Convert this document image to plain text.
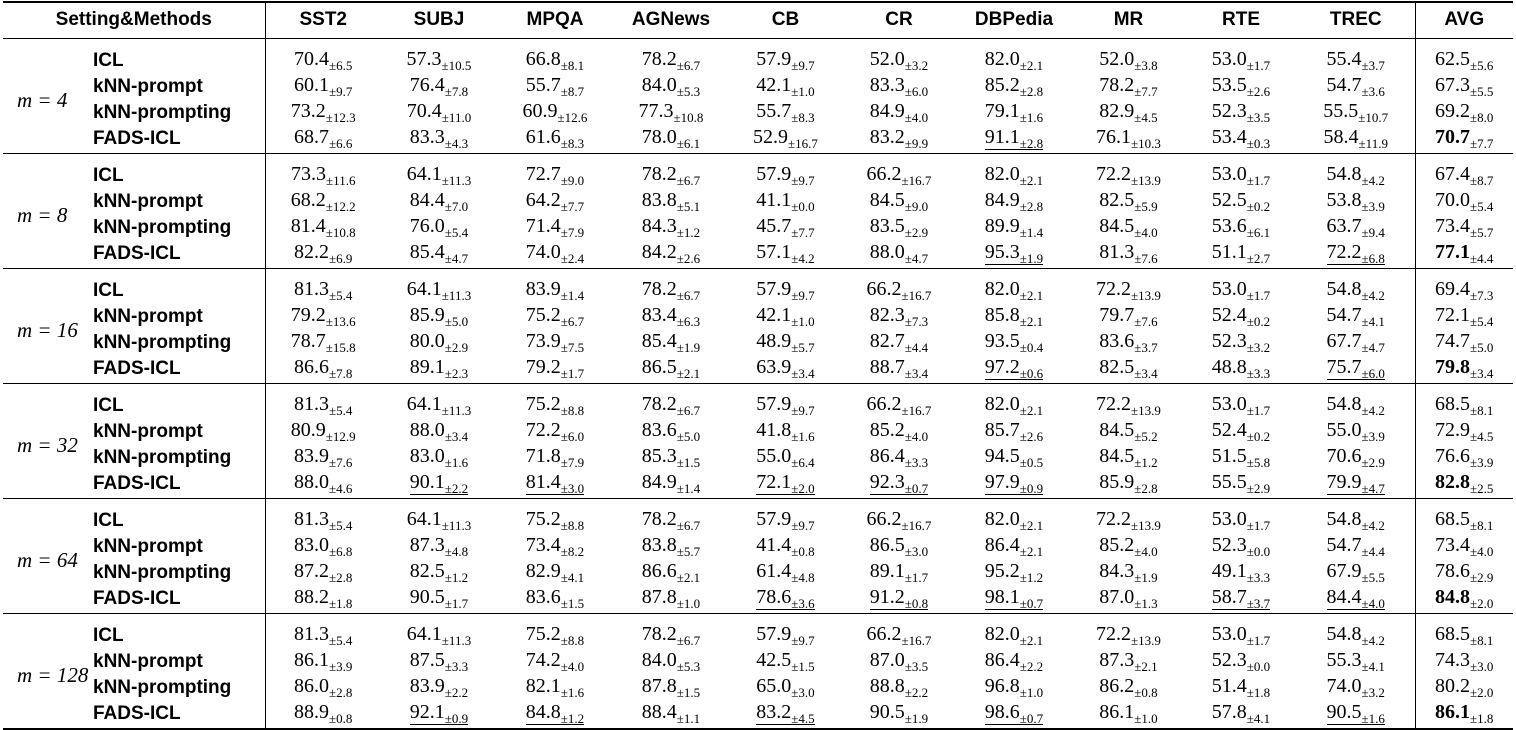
Setting&Methods		SST2	SUBJ	MPQA	AGNews	CB	CR	DBPedia	MR	RTE	TREC	AVG
m = 4	ICL	$70.4_{\pm 6.5}$	$57.3_{\pm 10.5}$	$66.8_{\pm 8.1}$	$78.2_{\pm 6.7}$	$57.9_{\pm 9.7}$	$52.0_{\pm 3.2}$	$82.0_{\pm 2.1}$	$52.0_{\pm 3.8}$	$53.0_{\pm 1.7}$	$55.4_{\pm 3.7}$	$62.5_{\pm 5.6}$
	kNN-prompt	$60.1_{\pm 9.7}$	$76.4_{\pm 7.8}$	$55.7_{\pm 8.7}$	$84.0_{\pm 5.3}$	$42.1_{\pm 1.0}$	$83.3_{\pm 6.0}$	$85.2_{\pm 2.8}$	$78.2_{\pm 7.7}$	$53.5_{\pm 2.6}$	$54.7_{\pm 3.6}$	$67.3_{\pm 5.5}$
	kNN-prompting	$73.2_{\pm 12.3}$	$70.4_{\pm 11.0}$	$60.9_{\pm 12.6}$	$77.3_{\pm 10.8}$	$55.7_{\pm 8.3}$	$84.9_{\pm 4.0}$	$79.1_{\pm 1.6}$	$82.9_{\pm 4.5}$	$52.3_{\pm 3.5}$	$55.5_{\pm 10.7}$	$69.2_{\pm 8.0}$
	FADS-ICL	$68.7_{\pm 6.6}$	$83.3_{\pm 4.3}$	$61.6_{\pm 8.3}$	$78.0_{\pm 6.1}$	$52.9_{\pm 16.7}$	$83.2_{\pm 9.9}$	$91.1_{\pm 2.8}$	$76.1_{\pm 10.3}$	$53.4_{\pm 0.3}$	$58.4_{\pm 11.9}$	$70.7_{\pm 7.7}$
m = 8	ICL	$73.3_{\pm 11.6}$	$64.1_{\pm 11.3}$	$72.7_{\pm 9.0}$	$78.2_{\pm 6.7}$	$57.9_{\pm 9.7}$	$66.2_{\pm 16.7}$	$82.0_{\pm 2.1}$	$72.2_{\pm 13.9}$	$53.0_{\pm 1.7}$	$54.8_{\pm 4.2}$	$67.4_{\pm 8.7}$
	kNN-prompt	$68.2_{\pm 12.2}$	$84.4_{\pm 7.0}$	$64.2_{\pm 7.7}$	$83.8_{\pm 5.1}$	$41.1_{\pm 0.0}$	$84.5_{\pm 9.0}$	$84.9_{\pm 2.8}$	$82.5_{\pm 5.9}$	$52.5_{\pm 0.2}$	$53.8_{\pm 3.9}$	$70.0_{\pm 5.4}$
	kNN-prompting	$81.4_{\pm 10.8}$	$76.0_{\pm 5.4}$	$71.4_{\pm 7.9}$	$84.3_{\pm 1.2}$	$45.7_{\pm 7.7}$	$83.5_{\pm 2.9}$	$89.9_{\pm 1.4}$	$84.5_{\pm 4.0}$	$53.6_{\pm 6.1}$	$63.7_{\pm 9.4}$	$73.4_{\pm 5.7}$
	FADS-ICL	$82.2_{\pm 6.9}$	$85.4_{\pm 4.7}$	$74.0_{\pm 2.4}$	$84.2_{\pm 2.6}$	$57.1_{\pm 4.2}$	$88.0_{\pm 4.7}$	$95.3_{\pm 1.9}$	$81.3_{\pm 7.6}$	$51.1_{\pm 2.7}$	$72.2_{\pm 6.8}$	$77.1_{\pm 4.4}$
m = 16	ICL	$81.3_{\pm 5.4}$	$64.1_{\pm 11.3}$	$83.9_{\pm 1.4}$	$78.2_{\pm 6.7}$	$57.9_{\pm 9.7}$	$66.2_{\pm 16.7}$	$82.0_{\pm 2.1}$	$72.2_{\pm 13.9}$	$53.0_{\pm 1.7}$	$54.8_{\pm 4.2}$	$69.4_{\pm 7.3}$
	kNN-prompt	$79.2_{\pm 13.6}$	$85.9_{\pm 5.0}$	$75.2_{\pm 6.7}$	$83.4_{\pm 6.3}$	$42.1_{\pm 1.0}$	$82.3_{\pm 7.3}$	$85.8_{\pm 2.1}$	$79.7_{\pm 7.6}$	$52.4_{\pm 0.2}$	$54.7_{\pm 4.1}$	$72.1_{\pm 5.4}$
	kNN-prompting	$78.7_{\pm 15.8}$	$80.0_{\pm 2.9}$	$73.9_{\pm 7.5}$	$85.4_{\pm 1.9}$	$48.9_{\pm 5.7}$	$82.7_{\pm 4.4}$	$93.5_{\pm 0.4}$	$83.6_{\pm 3.7}$	$52.3_{\pm 3.2}$	$67.7_{\pm 4.7}$	$74.7_{\pm 5.0}$
	FADS-ICL	$86.6_{\pm 7.8}$	$89.1_{\pm 2.3}$	$79.2_{\pm 1.7}$	$86.5_{\pm 2.1}$	$63.9_{\pm 3.4}$	$88.7_{\pm 3.4}$	$97.2_{\pm 0.6}$	$82.5_{\pm 3.4}$	$48.8_{\pm 3.3}$	$75.7_{\pm 6.0}$	$79.8_{\pm 3.4}$
m = 32	ICL	$81.3_{\pm 5.4}$	$64.1_{\pm 11.3}$	$75.2_{\pm 8.8}$	$78.2_{\pm 6.7}$	$57.9_{\pm 9.7}$	$66.2_{\pm 16.7}$	$82.0_{\pm 2.1}$	$72.2_{\pm 13.9}$	$53.0_{\pm 1.7}$	$54.8_{\pm 4.2}$	$68.5_{\pm 8.1}$
	kNN-prompt	$80.9_{\pm 12.9}$	$88.0_{\pm 3.4}$	$72.2_{\pm 6.0}$	$83.6_{\pm 5.0}$	$41.8_{\pm 1.6}$	$85.2_{\pm 4.0}$	$85.7_{\pm 2.6}$	$84.5_{\pm 5.2}$	$52.4_{\pm 0.2}$	$55.0_{\pm 3.9}$	$72.9_{\pm 4.5}$
	kNN-prompting	$83.9_{\pm 7.6}$	$83.0_{\pm 1.6}$	$71.8_{\pm 7.9}$	$85.3_{\pm 1.5}$	$55.0_{\pm 6.4}$	$86.4_{\pm 3.3}$	$94.5_{\pm 0.5}$	$84.5_{\pm 1.2}$	$51.5_{\pm 5.8}$	$70.6_{\pm 2.9}$	$76.6_{\pm 3.9}$
	FADS-ICL	$88.0_{\pm 4.6}$	$90.1_{\pm 2.2}$	$81.4_{\pm 3.0}$	$84.9_{\pm 1.4}$	$72.1_{\pm 2.0}$	$92.3_{\pm 0.7}$	$97.9_{\pm 0.9}$	$85.9_{\pm 2.8}$	$55.5_{\pm 2.9}$	$79.9_{\pm 4.7}$	$82.8_{\pm 2.5}$
m = 64	ICL	$81.3_{\pm 5.4}$	$64.1_{\pm 11.3}$	$75.2_{\pm 8.8}$	$78.2_{\pm 6.7}$	$57.9_{\pm 9.7}$	$66.2_{\pm 16.7}$	$82.0_{\pm 2.1}$	$72.2_{\pm 13.9}$	$53.0_{\pm 1.7}$	$54.8_{\pm 4.2}$	$68.5_{\pm 8.1}$
	kNN-prompt	$83.0_{\pm 6.8}$	$87.3_{\pm 4.8}$	$73.4_{\pm 8.2}$	$83.8_{\pm 5.7}$	$41.4_{\pm 0.8}$	$86.5_{\pm 3.0}$	$86.4_{\pm 2.1}$	$85.2_{\pm 4.0}$	$52.3_{\pm 0.0}$	$54.7_{\pm 4.4}$	$73.4_{\pm 4.0}$
	kNN-prompting	$87.2_{\pm 2.8}$	$82.5_{\pm 1.2}$	$82.9_{\pm 4.1}$	$86.6_{\pm 2.1}$	$61.4_{\pm 4.8}$	$89.1_{\pm 1.7}$	$95.2_{\pm 1.2}$	$84.3_{\pm 1.9}$	$49.1_{\pm 3.3}$	$67.9_{\pm 5.5}$	$78.6_{\pm 2.9}$
	FADS-ICL	$88.2_{\pm 1.8}$	$90.5_{\pm 1.7}$	$83.6_{\pm 1.5}$	$87.8_{\pm 1.0}$	$78.6_{\pm 3.6}$	$91.2_{\pm 0.8}$	$98.1_{\pm 0.7}$	$87.0_{\pm 1.3}$	$58.7_{\pm 3.7}$	$84.4_{\pm 4.0}$	$84.8_{\pm 2.0}$
m = 128	ICL	$81.3_{\pm 5.4}$	$64.1_{\pm 11.3}$	$75.2_{\pm 8.8}$	$78.2_{\pm 6.7}$	$57.9_{\pm 9.7}$	$66.2_{\pm 16.7}$	$82.0_{\pm 2.1}$	$72.2_{\pm 13.9}$	$53.0_{\pm 1.7}$	$54.8_{\pm 4.2}$	$68.5_{\pm 8.1}$
	kNN-prompt	$86.1_{\pm 3.9}$	$87.5_{\pm 3.3}$	$74.2_{\pm 4.0}$	$84.0_{\pm 5.3}$	$42.5_{\pm 1.5}$	$87.0_{\pm 3.5}$	$86.4_{\pm 2.2}$	$87.3_{\pm 2.1}$	$52.3_{\pm 0.0}$	$55.3_{\pm 4.1}$	$74.3_{\pm 3.0}$
	kNN-prompting	$86.0_{\pm 2.8}$	$83.9_{\pm 2.2}$	$82.1_{\pm 1.6}$	$87.8_{\pm 1.5}$	$65.0_{\pm 3.0}$	$88.8_{\pm 2.2}$	$96.8_{\pm 1.0}$	$86.2_{\pm 0.8}$	$51.4_{\pm 1.8}$	$74.0_{\pm 3.2}$	$80.2_{\pm 2.0}$
	FADS-ICL	$88.9_{\pm 0.8}$	$92.1_{\pm 0.9}$	$84.8_{\pm 1.2}$	$88.4_{\pm 1.1}$	$83.2_{\pm 4.5}$	$90.5_{\pm 1.9}$	$98.6_{\pm 0.7}$	$86.1_{\pm 1.0}$	$57.8_{\pm 4.1}$	$90.5_{\pm 1.6}$	$86.1_{\pm 1.8}$
